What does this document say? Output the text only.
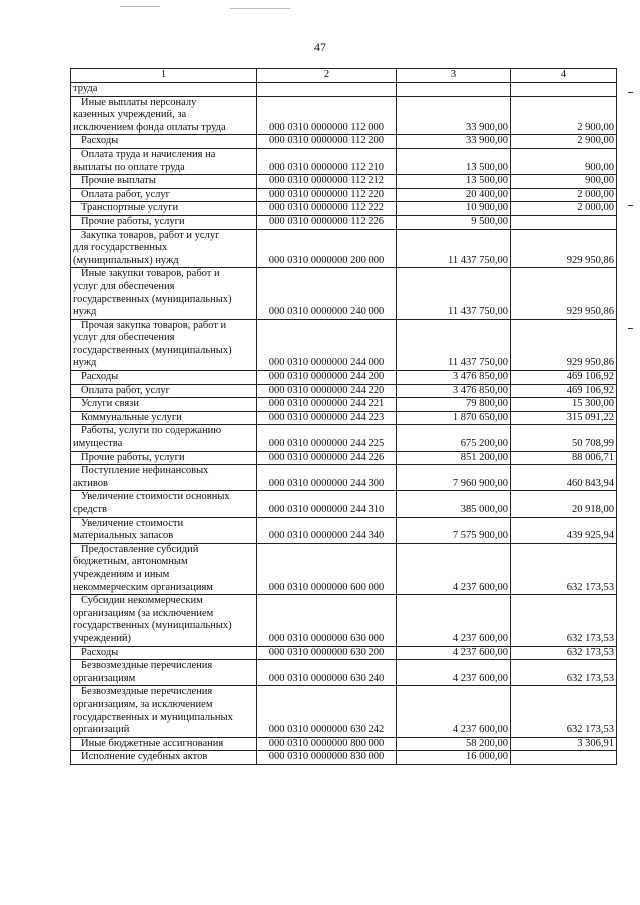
47
1	2	3	4

труда			

Иные выплаты персоналу
казенных учреждений, за
исключением фонда оплаты труда	000 0310 0000000 112 000	33 900,00	2 900,00

Расходы	000 0310 0000000 112 200	33 900,00	2 900,00

Оплата труда и начисления на
выплаты по оплате труда	000 0310 0000000 112 210	13 500,00	900,00

Прочие выплаты	000 0310 0000000 112 212	13 500,00	900,00

Оплата работ, услуг	000 0310 0000000 112 220	20 400,00	2 000,00

Транспортные услуги	000 0310 0000000 112 222	10 900,00	2 000,00

Прочие работы, услуги	000 0310 0000000 112 226	9 500,00	

Закупка товаров, работ и услуг
для государственных
(муниципальных) нужд	000 0310 0000000 200 000	11 437 750,00	929 950,86

Иные закупки товаров, работ и
услуг для обеспечения
государственных (муниципальных)
нужд	000 0310 0000000 240 000	11 437 750,00	929 950,86

Прочая закупка товаров, работ и
услуг для обеспечения
государственных (муниципальных)
нужд	000 0310 0000000 244 000	11 437 750,00	929 950,86

Расходы	000 0310 0000000 244 200	3 476 850,00	469 106,92

Оплата работ, услуг	000 0310 0000000 244 220	3 476 850,00	469 106,92

Услуги связи	000 0310 0000000 244 221	79 800,00	15 300,00

Коммунальные услуги	000 0310 0000000 244 223	1 870 650,00	315 091,22

Работы, услуги по содержанию
имущества	000 0310 0000000 244 225	675 200,00	50 708,99

Прочие работы, услуги	000 0310 0000000 244 226	851 200,00	88 006,71

Поступление нефинансовых
активов	000 0310 0000000 244 300	7 960 900,00	460 843,94

Увеличение стоимости основных
средств	000 0310 0000000 244 310	385 000,00	20 918,00

Увеличение стоимости
материальных запасов	000 0310 0000000 244 340	7 575 900,00	439 925,94

Предоставление субсидий
бюджетным, автономным
учреждениям и иным
некоммерческим организациям	000 0310 0000000 600 000	4 237 600,00	632 173,53

Субсидии некоммерческим
организациям (за исключением
государственных (муниципальных)
учреждений)	000 0310 0000000 630 000	4 237 600,00	632 173,53

Расходы	000 0310 0000000 630 200	4 237 600,00	632 173,53

Безвозмездные перечисления
организациям	000 0310 0000000 630 240	4 237 600,00	632 173,53

Безвозмездные перечисления
организациям, за исключением
государственных и муниципальных
организаций	000 0310 0000000 630 242	4 237 600,00	632 173,53

Иные бюджетные ассигнования	000 0310 0000000 800 000	58 200,00	3 306,91

Исполнение судебных актов	000 0310 0000000 830 000	16 000,00	
